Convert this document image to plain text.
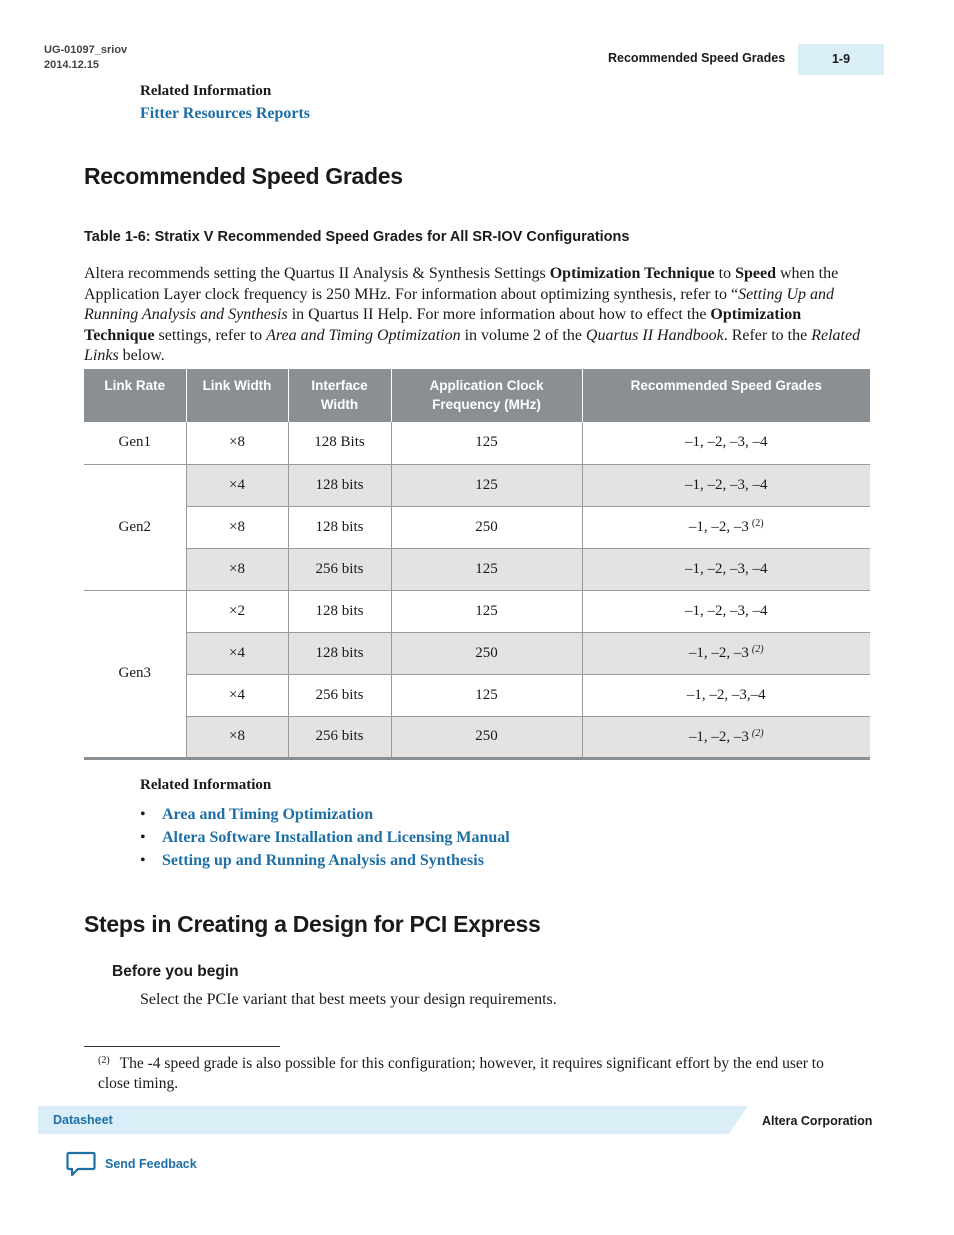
UG-01097_sriov
2014.12.15	Recommended Speed Grades	1-9
Related Information
Fitter Resources Reports
Recommended Speed Grades
Table 1-6: Stratix V Recommended Speed Grades for All SR-IOV Configurations
Altera recommends setting the Quartus II Analysis & Synthesis Settings Optimization Technique to Speed when the Application Layer clock frequency is 250 MHz. For information about optimizing synthesis, refer to “Setting Up and Running Analysis and Synthesis in Quartus II Help. For more information about how to effect the Optimization Technique settings, refer to Area and Timing Optimization in volume 2 of the Quartus II Handbook. Refer to the Related Links below.
Link Rate	Link Width	Interface Width	Application Clock Frequency (MHz)	Recommended Speed Grades
Gen1	×8	128 Bits	125	–1, –2, –3, –4
Gen2	×4	128 bits	125	–1, –2, –3, –4
	×8	128 bits	250	–1, –2, –3 $^{(2)}$
	×8	256 bits	125	–1, –2, –3, –4
Gen3	×2	128 bits	125	–1, –2, –3, –4
	×4	128 bits	250	–1, –2, –3 $^{(2)}$
	×4	256 bits	125	–1, –2, –3,–4
	×8	256 bits	250	–1, –2, –3 $^{(2)}$
Related Information
• Area and Timing Optimization
• Altera Software Installation and Licensing Manual
• Setting up and Running Analysis and Synthesis
Steps in Creating a Design for PCI Express
Before you begin
Select the PCIe variant that best meets your design requirements.
$^{(2)}$ The -4 speed grade is also possible for this configuration; however, it requires significant effort by the end user to close timing.
Datasheet	Altera Corporation
Send Feedback
